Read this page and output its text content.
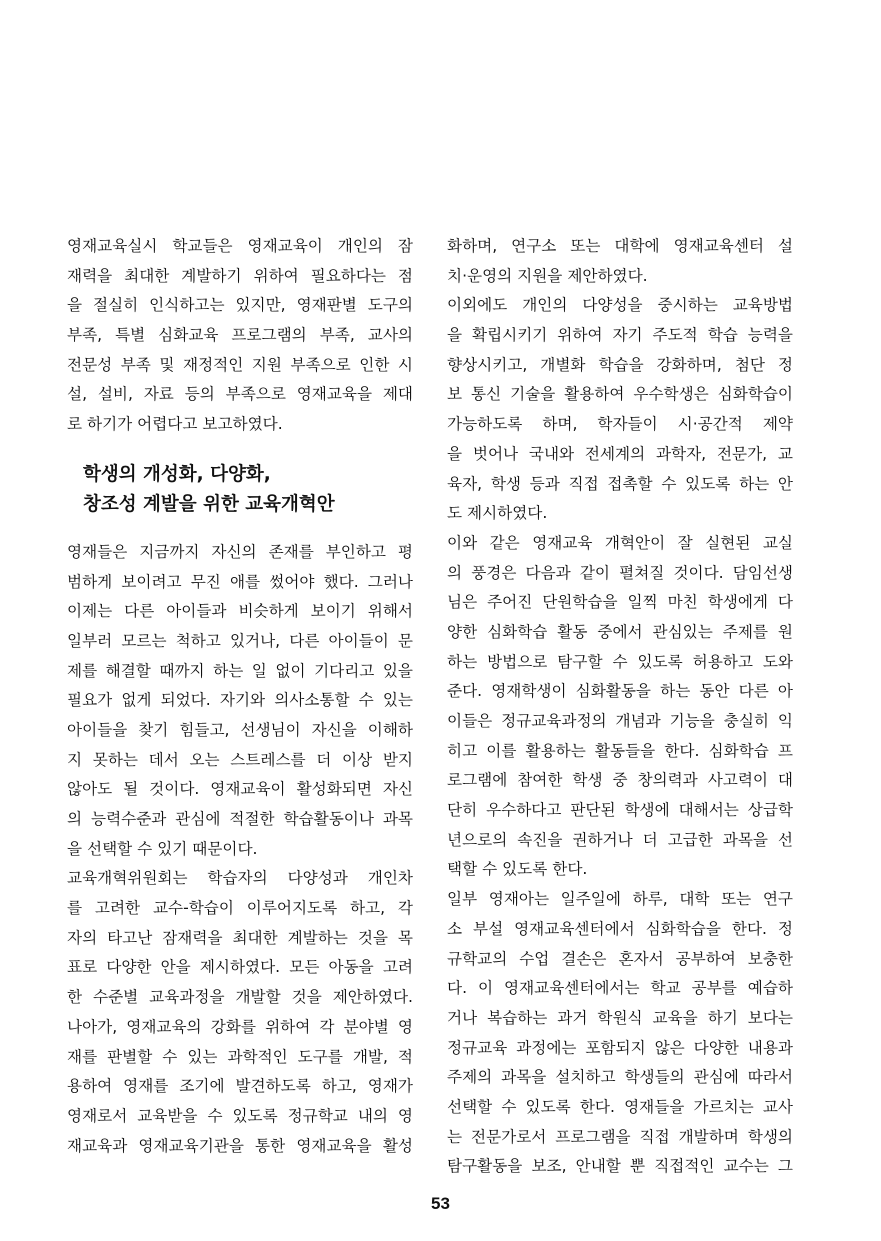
영재교육실시 학교들은 영재교육이 개인의 잠
재력을 최대한 계발하기 위하여 필요하다는 점
을 절실히 인식하고는 있지만, 영재판별 도구의
부족, 특별 심화교육 프로그램의 부족, 교사의
전문성 부족 및 재정적인 지원 부족으로 인한 시
설, 설비, 자료 등의 부족으로 영재교육을 제대
로 하기가 어렵다고 보고하였다.
학생의 개성화, 다양화,
창조성 계발을 위한 교육개혁안
영재들은 지금까지 자신의 존재를 부인하고 평
범하게 보이려고 무진 애를 썼어야 했다. 그러나
이제는 다른 아이들과 비슷하게 보이기 위해서
일부러 모르는 척하고 있거나, 다른 아이들이 문
제를 해결할 때까지 하는 일 없이 기다리고 있을
필요가 없게 되었다. 자기와 의사소통할 수 있는
아이들을 찾기 힘들고, 선생님이 자신을 이해하
지 못하는 데서 오는 스트레스를 더 이상 받지
않아도 될 것이다. 영재교육이 활성화되면 자신
의 능력수준과 관심에 적절한 학습활동이나 과목
을 선택할 수 있기 때문이다.
교육개혁위원회는 학습자의 다양성과 개인차
를 고려한 교수-학습이 이루어지도록 하고, 각
자의 타고난 잠재력을 최대한 계발하는 것을 목
표로 다양한 안을 제시하였다. 모든 아동을 고려
한 수준별 교육과정을 개발할 것을 제안하였다.
나아가, 영재교육의 강화를 위하여 각 분야별 영
재를 판별할 수 있는 과학적인 도구를 개발, 적
용하여 영재를 조기에 발견하도록 하고, 영재가
영재로서 교육받을 수 있도록 정규학교 내의 영
재교육과 영재교육기관을 통한 영재교육을 활성
화하며, 연구소 또는 대학에 영재교육센터 설
치·운영의 지원을 제안하였다.
이외에도 개인의 다양성을 중시하는 교육방법
을 확립시키기 위하여 자기 주도적 학습 능력을
향상시키고, 개별화 학습을 강화하며, 첨단 정
보 통신 기술을 활용하여 우수학생은 심화학습이
가능하도록 하며, 학자들이 시·공간적 제약
을 벗어나 국내와 전세계의 과학자, 전문가, 교
육자, 학생 등과 직접 접촉할 수 있도록 하는 안
도 제시하였다.
이와 같은 영재교육 개혁안이 잘 실현된 교실
의 풍경은 다음과 같이 펼쳐질 것이다. 담임선생
님은 주어진 단원학습을 일찍 마친 학생에게 다
양한 심화학습 활동 중에서 관심있는 주제를 원
하는 방법으로 탐구할 수 있도록 허용하고 도와
준다. 영재학생이 심화활동을 하는 동안 다른 아
이들은 정규교육과정의 개념과 기능을 충실히 익
히고 이를 활용하는 활동들을 한다. 심화학습 프
로그램에 참여한 학생 중 창의력과 사고력이 대
단히 우수하다고 판단된 학생에 대해서는 상급학
년으로의 속진을 권하거나 더 고급한 과목을 선
택할 수 있도록 한다.
일부 영재아는 일주일에 하루, 대학 또는 연구
소 부설 영재교육센터에서 심화학습을 한다. 정
규학교의 수업 결손은 혼자서 공부하여 보충한
다. 이 영재교육센터에서는 학교 공부를 예습하
거나 복습하는 과거 학원식 교육을 하기 보다는
정규교육 과정에는 포함되지 않은 다양한 내용과
주제의 과목을 설치하고 학생들의 관심에 따라서
선택할 수 있도록 한다. 영재들을 가르치는 교사
는 전문가로서 프로그램을 직접 개발하며 학생의
탐구활동을 보조, 안내할 뿐 직접적인 교수는 그
53
